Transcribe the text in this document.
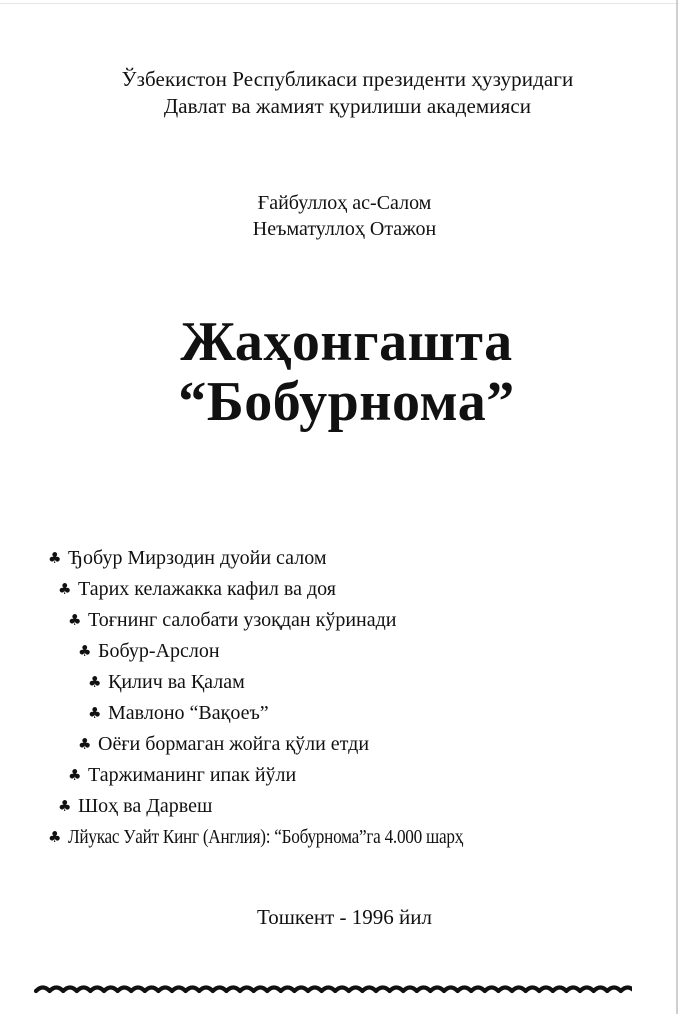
Ўзбекистон Республикаси президенти ҳузуридаги
Давлат ва жамият қурилиши академияси
Ғайбуллоҳ ас-Салом
Неъматуллоҳ Отажон
Жаҳонгашта
“Бобурнома”
♣ Ђобур Мирзодин дуойи салом
♣ Тарих келажакка кафил ва доя
♣ Тоғнинг салобати узоқдан кўринади
♣ Бобур-Арслон
♣ Қилич ва Қалам
♣ Мавлоно “Вақоеъ”
♣ Оёғи бормаган жойга қўли етди
♣ Таржиманинг ипак йўли
♣ Шоҳ ва Дарвеш
♣ Лйукас Уайт Кинг (Англия): “Бобурнома”га 4.000 шарҳ
Тошкент - 1996 йил
